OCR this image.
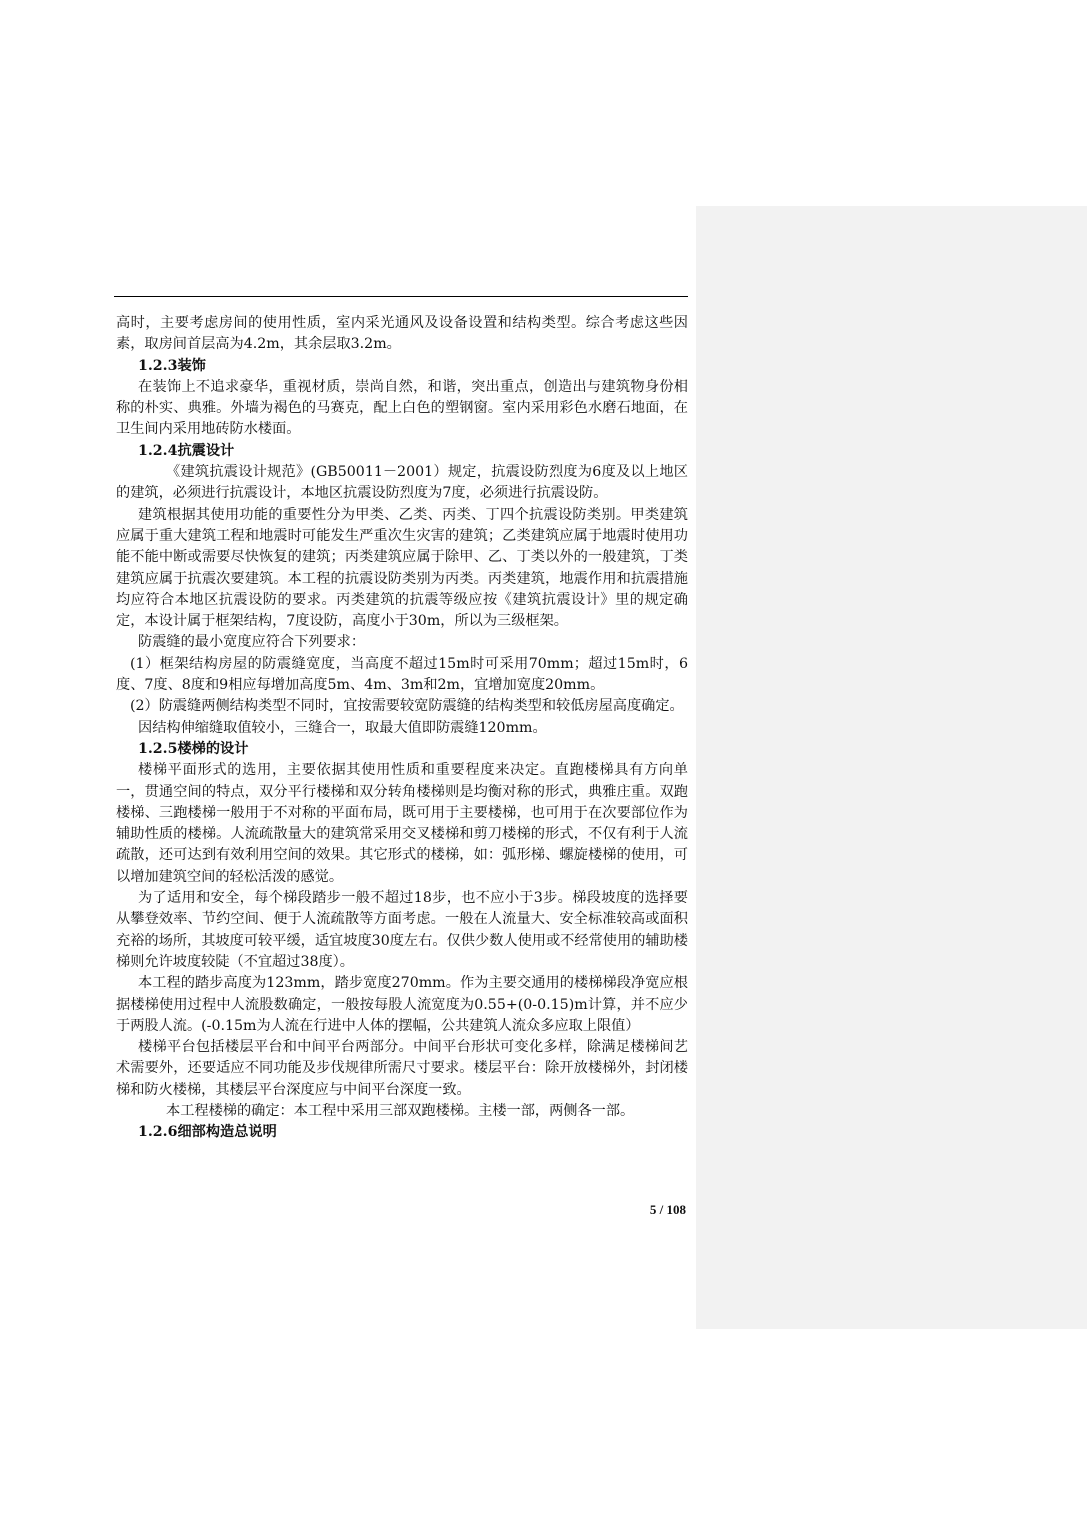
高时，主要考虑房间的使用性质，室内采光通风及设备设置和结构类型。综合考虑这些因素，取房间首层高为4.2m，其余层取3.2m。

1.2.3装饰

在装饰上不追求豪华，重视材质，崇尚自然，和谐，突出重点，创造出与建筑物身份相称的朴实、典雅。外墙为褐色的马赛克，配上白色的塑钢窗。室内采用彩色水磨石地面，在卫生间内采用地砖防水楼面。

1.2.4抗震设计

《建筑抗震设计规范》(GB50011－2001）规定，抗震设防烈度为6度及以上地区的建筑，必须进行抗震设计，本地区抗震设防烈度为7度，必须进行抗震设防。

建筑根据其使用功能的重要性分为甲类、乙类、丙类、丁四个抗震设防类别。甲类建筑应属于重大建筑工程和地震时可能发生严重次生灾害的建筑；乙类建筑应属于地震时使用功能不能中断或需要尽快恢复的建筑；丙类建筑应属于除甲、乙、丁类以外的一般建筑，丁类建筑应属于抗震次要建筑。本工程的抗震设防类别为丙类。丙类建筑，地震作用和抗震措施均应符合本地区抗震设防的要求。丙类建筑的抗震等级应按《建筑抗震设计》里的规定确定，本设计属于框架结构，7度设防，高度小于30m，所以为三级框架。

防震缝的最小宽度应符合下列要求：

(1）框架结构房屋的防震缝宽度，当高度不超过15m时可采用70mm；超过15m时，6度、7度、8度和9相应每增加高度5m、4m、3m和2m，宜增加宽度20mm。

(2）防震缝两侧结构类型不同时，宜按需要较宽防震缝的结构类型和较低房屋高度确定。

因结构伸缩缝取值较小，三缝合一，取最大值即防震缝120mm。

1.2.5楼梯的设计

楼梯平面形式的选用，主要依据其使用性质和重要程度来决定。直跑楼梯具有方向单一，贯通空间的特点，双分平行楼梯和双分转角楼梯则是均衡对称的形式，典雅庄重。双跑楼梯、三跑楼梯一般用于不对称的平面布局，既可用于主要楼梯，也可用于在次要部位作为辅助性质的楼梯。人流疏散量大的建筑常采用交叉楼梯和剪刀楼梯的形式，不仅有利于人流疏散，还可达到有效利用空间的效果。其它形式的楼梯，如：弧形梯、螺旋楼梯的使用，可以增加建筑空间的轻松活泼的感觉。

为了适用和安全，每个梯段踏步一般不超过18步，也不应小于3步。梯段坡度的选择要从攀登效率、节约空间、便于人流疏散等方面考虑。一般在人流量大、安全标准较高或面积充裕的场所，其坡度可较平缓，适宜坡度30度左右。仅供少数人使用或不经常使用的辅助楼梯则允许坡度较陡（不宜超过38度）。

本工程的踏步高度为123mm，踏步宽度270mm。作为主要交通用的楼梯梯段净宽应根据楼梯使用过程中人流股数确定，一般按每股人流宽度为0.55+(0-0.15)m计算，并不应少于两股人流。(-0.15m为人流在行进中人体的摆幅，公共建筑人流众多应取上限值）

楼梯平台包括楼层平台和中间平台两部分。中间平台形状可变化多样，除满足楼梯间艺术需要外，还要适应不同功能及步伐规律所需尺寸要求。楼层平台：除开放楼梯外，封闭楼梯和防火楼梯，其楼层平台深度应与中间平台深度一致。

本工程楼梯的确定：本工程中采用三部双跑楼梯。主楼一部，两侧各一部。

1.2.6细部构造总说明

5 / 108
